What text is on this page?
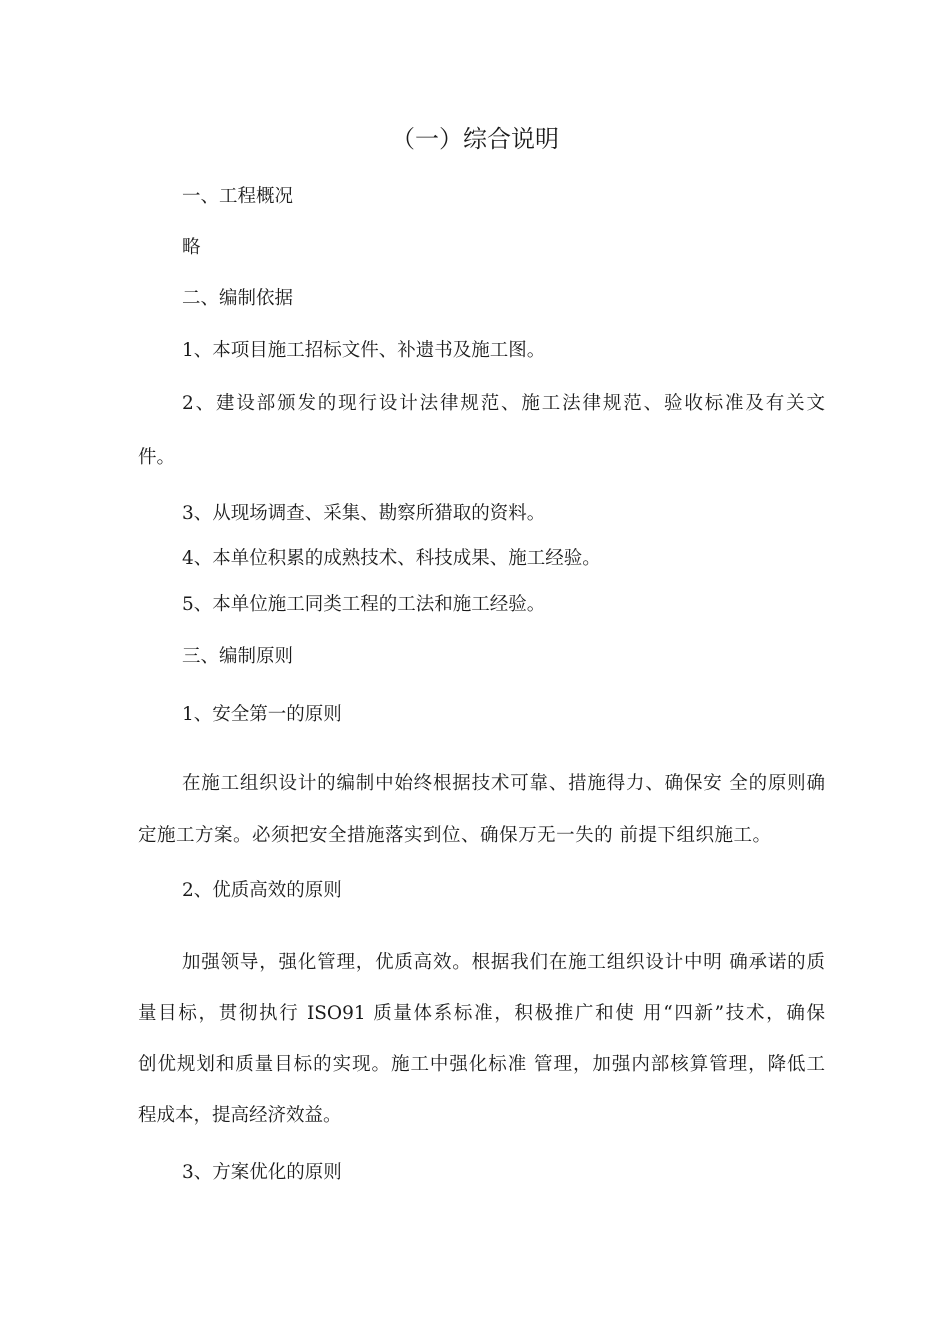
（一）综合说明
一、工程概况
略
二、编制依据
1、本项目施工招标文件、补遗书及施工图。
2、建设部颁发的现行设计法律规范、施工法律规范、验收标准及有关文
件。
3、从现场调查、采集、勘察所猎取的资料。
4、本单位积累的成熟技术、科技成果、施工经验。
5、本单位施工同类工程的工法和施工经验。
三、编制原则
1、安全第一的原则
在施工组织设计的编制中始终根据技术可靠、措施得力、确保安 全的原则确
定施工方案。必须把安全措施落实到位、确保万无一失的 前提下组织施工。
2、优质高效的原则
加强领导，强化管理，优质高效。根据我们在施工组织设计中明 确承诺的质
量目标，贯彻执行 ISO91 质量体系标准，积极推广和使 用“四新”技术，确保
创优规划和质量目标的实现。施工中强化标准 管理，加强内部核算管理，降低工
程成本，提高经济效益。
3、方案优化的原则
